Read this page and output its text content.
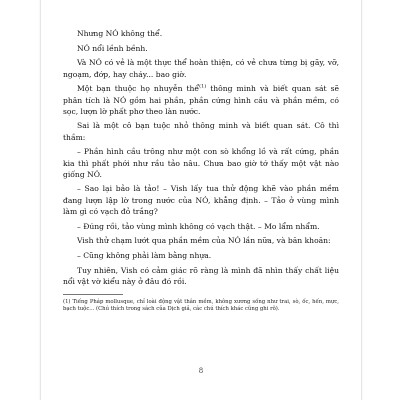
Nhưng NÓ không thể.

NÓ nổi lềnh bềnh.

Và NÓ có vẻ là một thực thể hoàn thiện, có vẻ chưa từng bị gãy, vỡ, ngoạm, đớp, hay cháy... bao giờ.

Một bạn thuộc họ nhuyễn thể$^{(1)}$ thông minh và biết quan sát sẽ phân tích là NÓ gồm hai phần, phần cứng hình cầu và phần mềm, có sọc, lượn lờ phất phơ theo làn nước.

Sai là một cô bạn tuộc nhỏ thông minh và biết quan sát. Cô thì thầm:

– Phần hình cầu trông như một con sò khổng lồ và rất cứng, phần kia thì phất phới như rầu tảo nâu. Chưa bao giờ tớ thấy một vật nào giống NÓ.

– Sao lại bảo là tảo! – Vish lấy tua thử động khẽ vào phần mềm đang lượn lập lờ trong nước của NÓ, khẳng định. – Tảo ở vùng mình làm gì có vạch đỏ trắng?

– Đúng rồi, tảo vùng mình không có vạch thật. – Mo lẩm nhẩm.

Vish thử chạm lướt qua phần mềm của NÓ lần nữa, và băn khoăn:

– Cũng không phải làm bằng nhựa.

Tuy nhiên, Vish có cảm giác rõ ràng là mình đã nhìn thấy chất liệu nổi vật vờ kiểu này ở đâu đó rồi.

(1) Tiếng Pháp mollusque, chỉ loài động vật thân mềm, không xương sống như trai, sò, ốc, hến, mực, bạch tuộc... (Chú thích trong sách của Dịch giả, các chú thích khác cũng ghi rõ).

8
